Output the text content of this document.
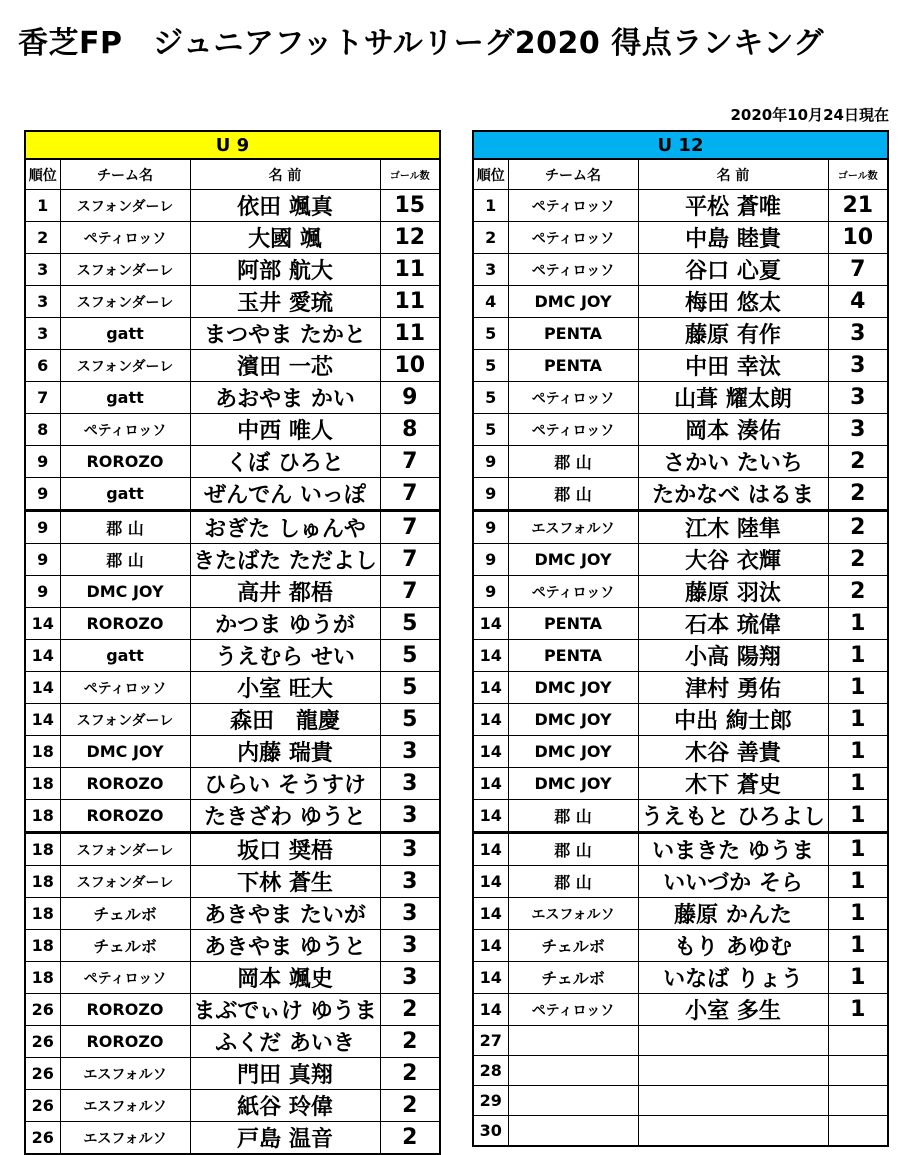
香芝FP　ジュニアフットサルリーグ2020 得点ランキング
2020年10月24日現在
U 9			
順位	チーム名	名 前	ゴール数
1	スフォンダーレ	依田 颯真	15
2	ペティロッソ	大國 颯	12
3	スフォンダーレ	阿部 航大	11
3	スフォンダーレ	玉井 愛琉	11
3	gatt	まつやま たかと	11
6	スフォンダーレ	濱田 一芯	10
7	gatt	あおやま かい	9
8	ペティロッソ	中西 唯人	8
9	ROROZO	くぼ ひろと	7
9	gatt	ぜんでん いっぽ	7
9	郡 山	おぎた しゅんや	7
9	郡 山	きたばた ただよし	7
9	DMC JOY	高井 都梧	7
14	ROROZO	かつま ゆうが	5
14	gatt	うえむら せい	5
14	ペティロッソ	小室 旺大	5
14	スフォンダーレ	森田　龍慶	5
18	DMC JOY	内藤 瑞貴	3
18	ROROZO	ひらい そうすけ	3
18	ROROZO	たきざわ ゆうと	3
18	スフォンダーレ	坂口 奨梧	3
18	スフォンダーレ	下林 蒼生	3
18	チェルボ	あきやま たいが	3
18	チェルボ	あきやま ゆうと	3
18	ペティロッソ	岡本 颯史	3
26	ROROZO	まぶでぃけ ゆうま	2
26	ROROZO	ふくだ あいき	2
26	エスフォルソ	門田 真翔	2
26	エスフォルソ	紙谷 玲偉	2
26	エスフォルソ	戸島 温音	2
U 12			
順位	チーム名	名 前	ゴール数
1	ペティロッソ	平松 蒼唯	21
2	ペティロッソ	中島 睦貴	10
3	ペティロッソ	谷口 心夏	7
4	DMC JOY	梅田 悠太	4
5	PENTA	藤原 有作	3
5	PENTA	中田 幸汰	3
5	ペティロッソ	山葺 耀太朗	3
5	ペティロッソ	岡本 湊佑	3
9	郡 山	さかい たいち	2
9	郡 山	たかなべ はるま	2
9	エスフォルソ	江木 陸隼	2
9	DMC JOY	大谷 衣輝	2
9	ペティロッソ	藤原 羽汰	2
14	PENTA	石本 琉偉	1
14	PENTA	小高 陽翔	1
14	DMC JOY	津村 勇佑	1
14	DMC JOY	中出 絢士郎	1
14	DMC JOY	木谷 善貴	1
14	DMC JOY	木下 蒼史	1
14	郡 山	うえもと ひろよし	1
14	郡 山	いまきた ゆうま	1
14	郡 山	いいづか そら	1
14	エスフォルソ	藤原 かんた	1
14	チェルボ	もり あゆむ	1
14	チェルボ	いなば りょう	1
14	ペティロッソ	小室 多生	1
27			
28			
29			
30			
